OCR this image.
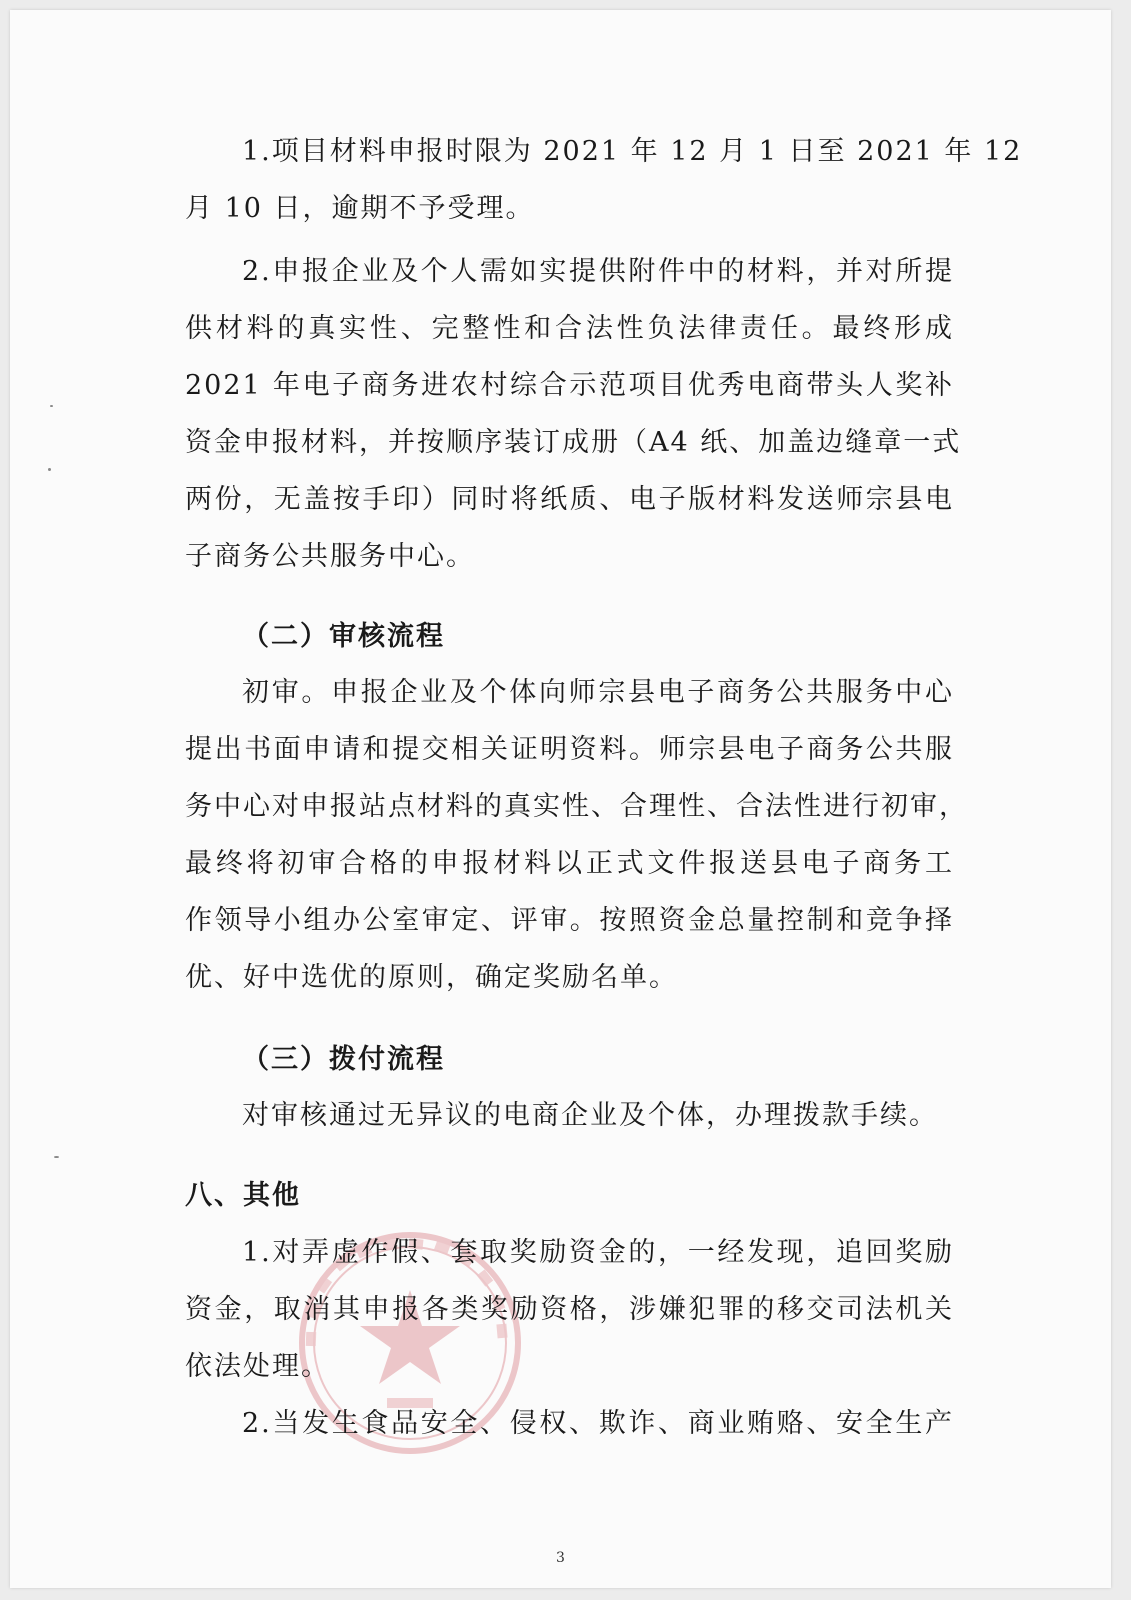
1.项目材料申报时限为 2021 年 12 月 1 日至 2021 年 12
月 10 日，逾期不予受理。
2.申报企业及个人需如实提供附件中的材料，并对所提
供材料的真实性、完整性和合法性负法律责任。最终形成
2021 年电子商务进农村综合示范项目优秀电商带头人奖补
资金申报材料，并按顺序装订成册（A4 纸、加盖边缝章一式
两份，无盖按手印）同时将纸质、电子版材料发送师宗县电
子商务公共服务中心。
（二）审核流程
初审。申报企业及个体向师宗县电子商务公共服务中心
提出书面申请和提交相关证明资料。师宗县电子商务公共服
务中心对申报站点材料的真实性、合理性、合法性进行初审，
最终将初审合格的申报材料以正式文件报送县电子商务工
作领导小组办公室审定、评审。按照资金总量控制和竞争择
优、好中选优的原则，确定奖励名单。
（三）拨付流程
对审核通过无异议的电商企业及个体，办理拨款手续。
八、其他
1.对弄虚作假、套取奖励资金的，一经发现，追回奖励
资金，取消其申报各类奖励资格，涉嫌犯罪的移交司法机关
依法处理。
2.当发生食品安全、侵权、欺诈、商业贿赂、安全生产
3
